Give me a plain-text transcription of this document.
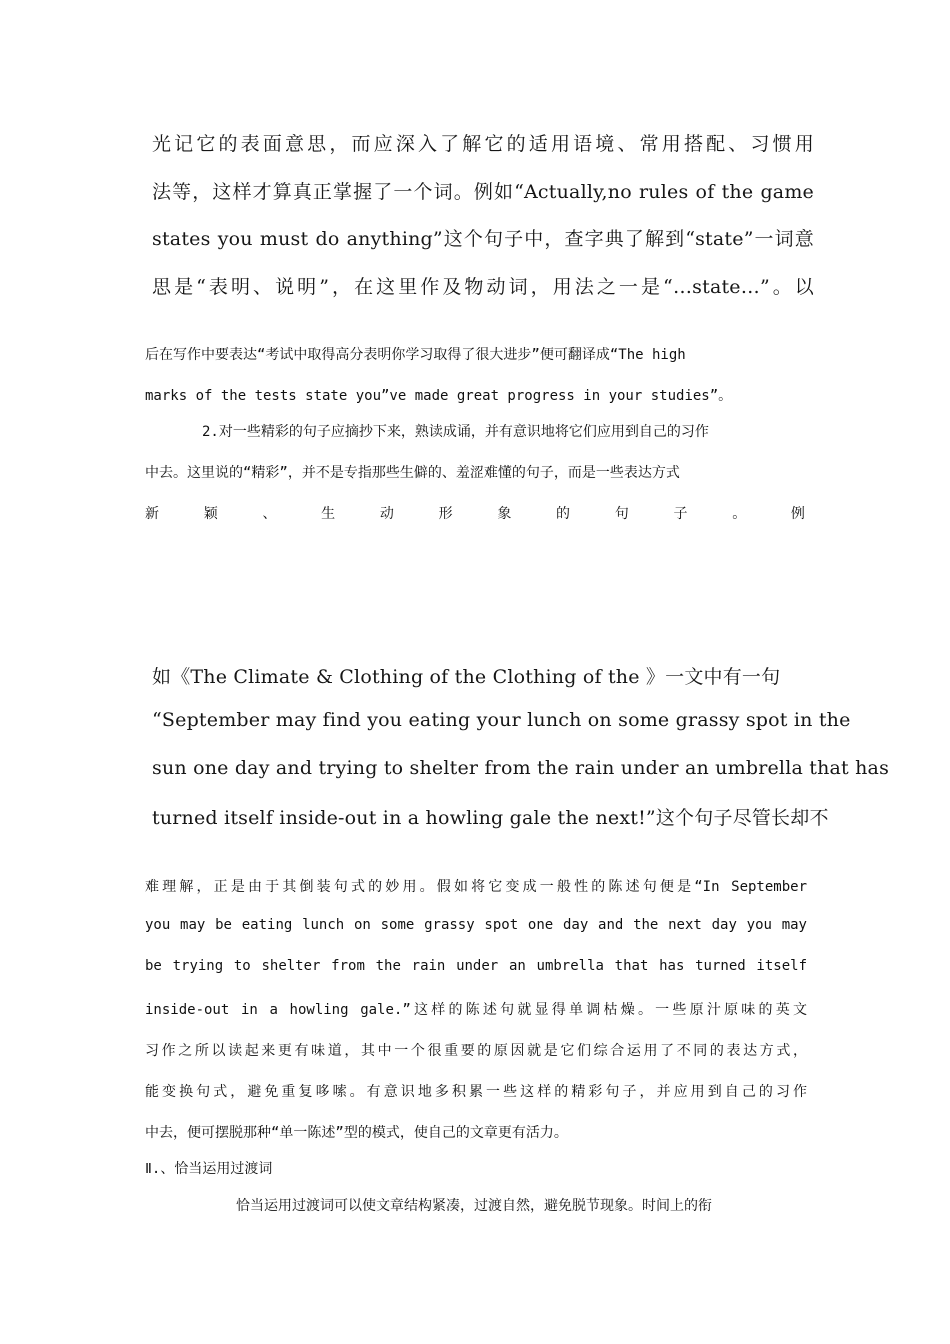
光记它的表面意思，而应深入了解它的适用语境、常用搭配、习惯用

法等，这样才算真正掌握了一个词。例如“Actually,no rules of the game

states you must do anything”这个句子中，查字典了解到“state”一词意

思是“表明、说明”，在这里作及物动词，用法之一是“…state…”。以

后在写作中要表达“考试中取得高分表明你学习取得了很大进步”便可翻译成“The high

marks of the tests state you”ve made great progress in your studies”。

2.对一些精彩的句子应摘抄下来，熟读成诵，并有意识地将它们应用到自己的习作

中去。这里说的“精彩”，并不是专指那些生僻的、羞涩难懂的句子，而是一些表达方式

新	颖	、	生	动	形	象	的	句	子	。	例

如《The Climate & Clothing of the Clothing of the 》一文中有一句

“September may find you eating your lunch on some grassy spot in the

sun one day and trying to shelter from the rain under an umbrella that has

turned itself inside-out in a howling gale the next!”这个句子尽管长却不

难理解，正是由于其倒装句式的妙用。假如将它变成一般性的陈述句便是“In September

you may be eating lunch on some grassy spot one day and the next day you may

be trying to shelter from the rain under an umbrella that has turned itself

inside-out in a howling gale.”这样的陈述句就显得单调枯燥。一些原汁原味的英文

习作之所以读起来更有味道，其中一个很重要的原因就是它们综合运用了不同的表达方式，

能变换句式，避免重复哆嗦。有意识地多积累一些这样的精彩句子，并应用到自己的习作

中去，便可摆脱那种“单一陈述”型的模式，使自己的文章更有活力。

Ⅱ.、恰当运用过渡词

恰当运用过渡词可以使文章结构紧凑，过渡自然，避免脱节现象。时间上的衔
